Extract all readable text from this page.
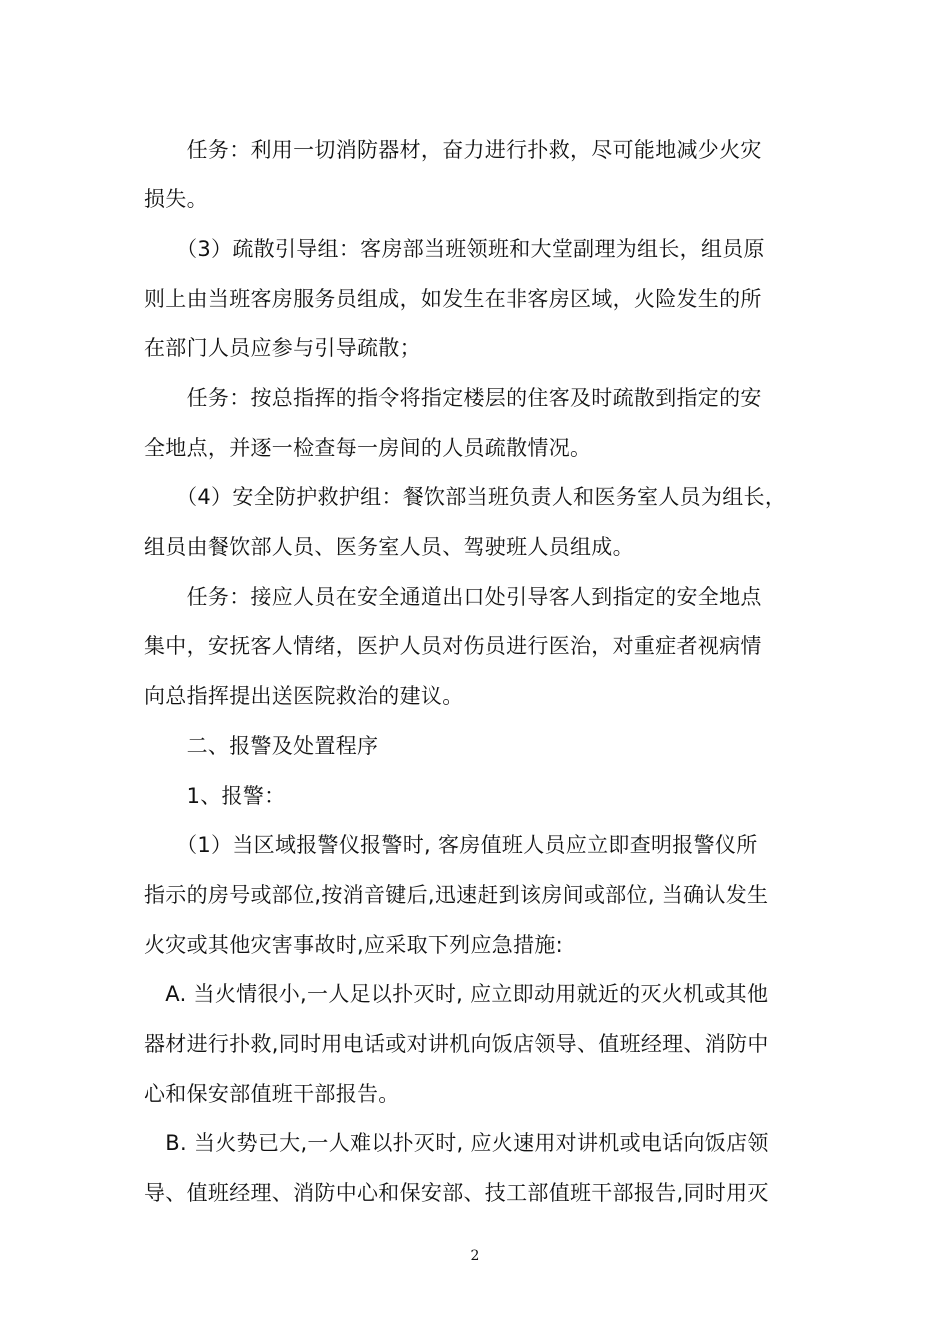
　　任务：利用一切消防器材，奋力进行扑救，尽可能地减少火灾
损失。
　　（3）疏散引导组：客房部当班领班和大堂副理为组长，组员原
则上由当班客房服务员组成，如发生在非客房区域，火险发生的所
在部门人员应参与引导疏散；
　　任务：按总指挥的指令将指定楼层的住客及时疏散到指定的安
全地点，并逐一检查每一房间的人员疏散情况。
　　（4）安全防护救护组：餐饮部当班负责人和医务室人员为组长，
组员由餐饮部人员、医务室人员、驾驶班人员组成。
　　任务：接应人员在安全通道出口处引导客人到指定的安全地点
集中，安抚客人情绪，医护人员对伤员进行医治，对重症者视病情
向总指挥提出送医院救治的建议。
　　二、报警及处置程序
　　1、报警：
　　（1）当区域报警仪报警时, 客房值班人员应立即查明报警仪所
指示的房号或部位,按消音键后,迅速赶到该房间或部位, 当确认发生
火灾或其他灾害事故时,应采取下列应急措施:
　A. 当火情很小,一人足以扑灭时, 应立即动用就近的灭火机或其他
器材进行扑救,同时用电话或对讲机向饭店领导、值班经理、消防中
心和保安部值班干部报告。
　B. 当火势已大,一人难以扑灭时, 应火速用对讲机或电话向饭店领
导、值班经理、消防中心和保安部、技工部值班干部报告,同时用灭
2
